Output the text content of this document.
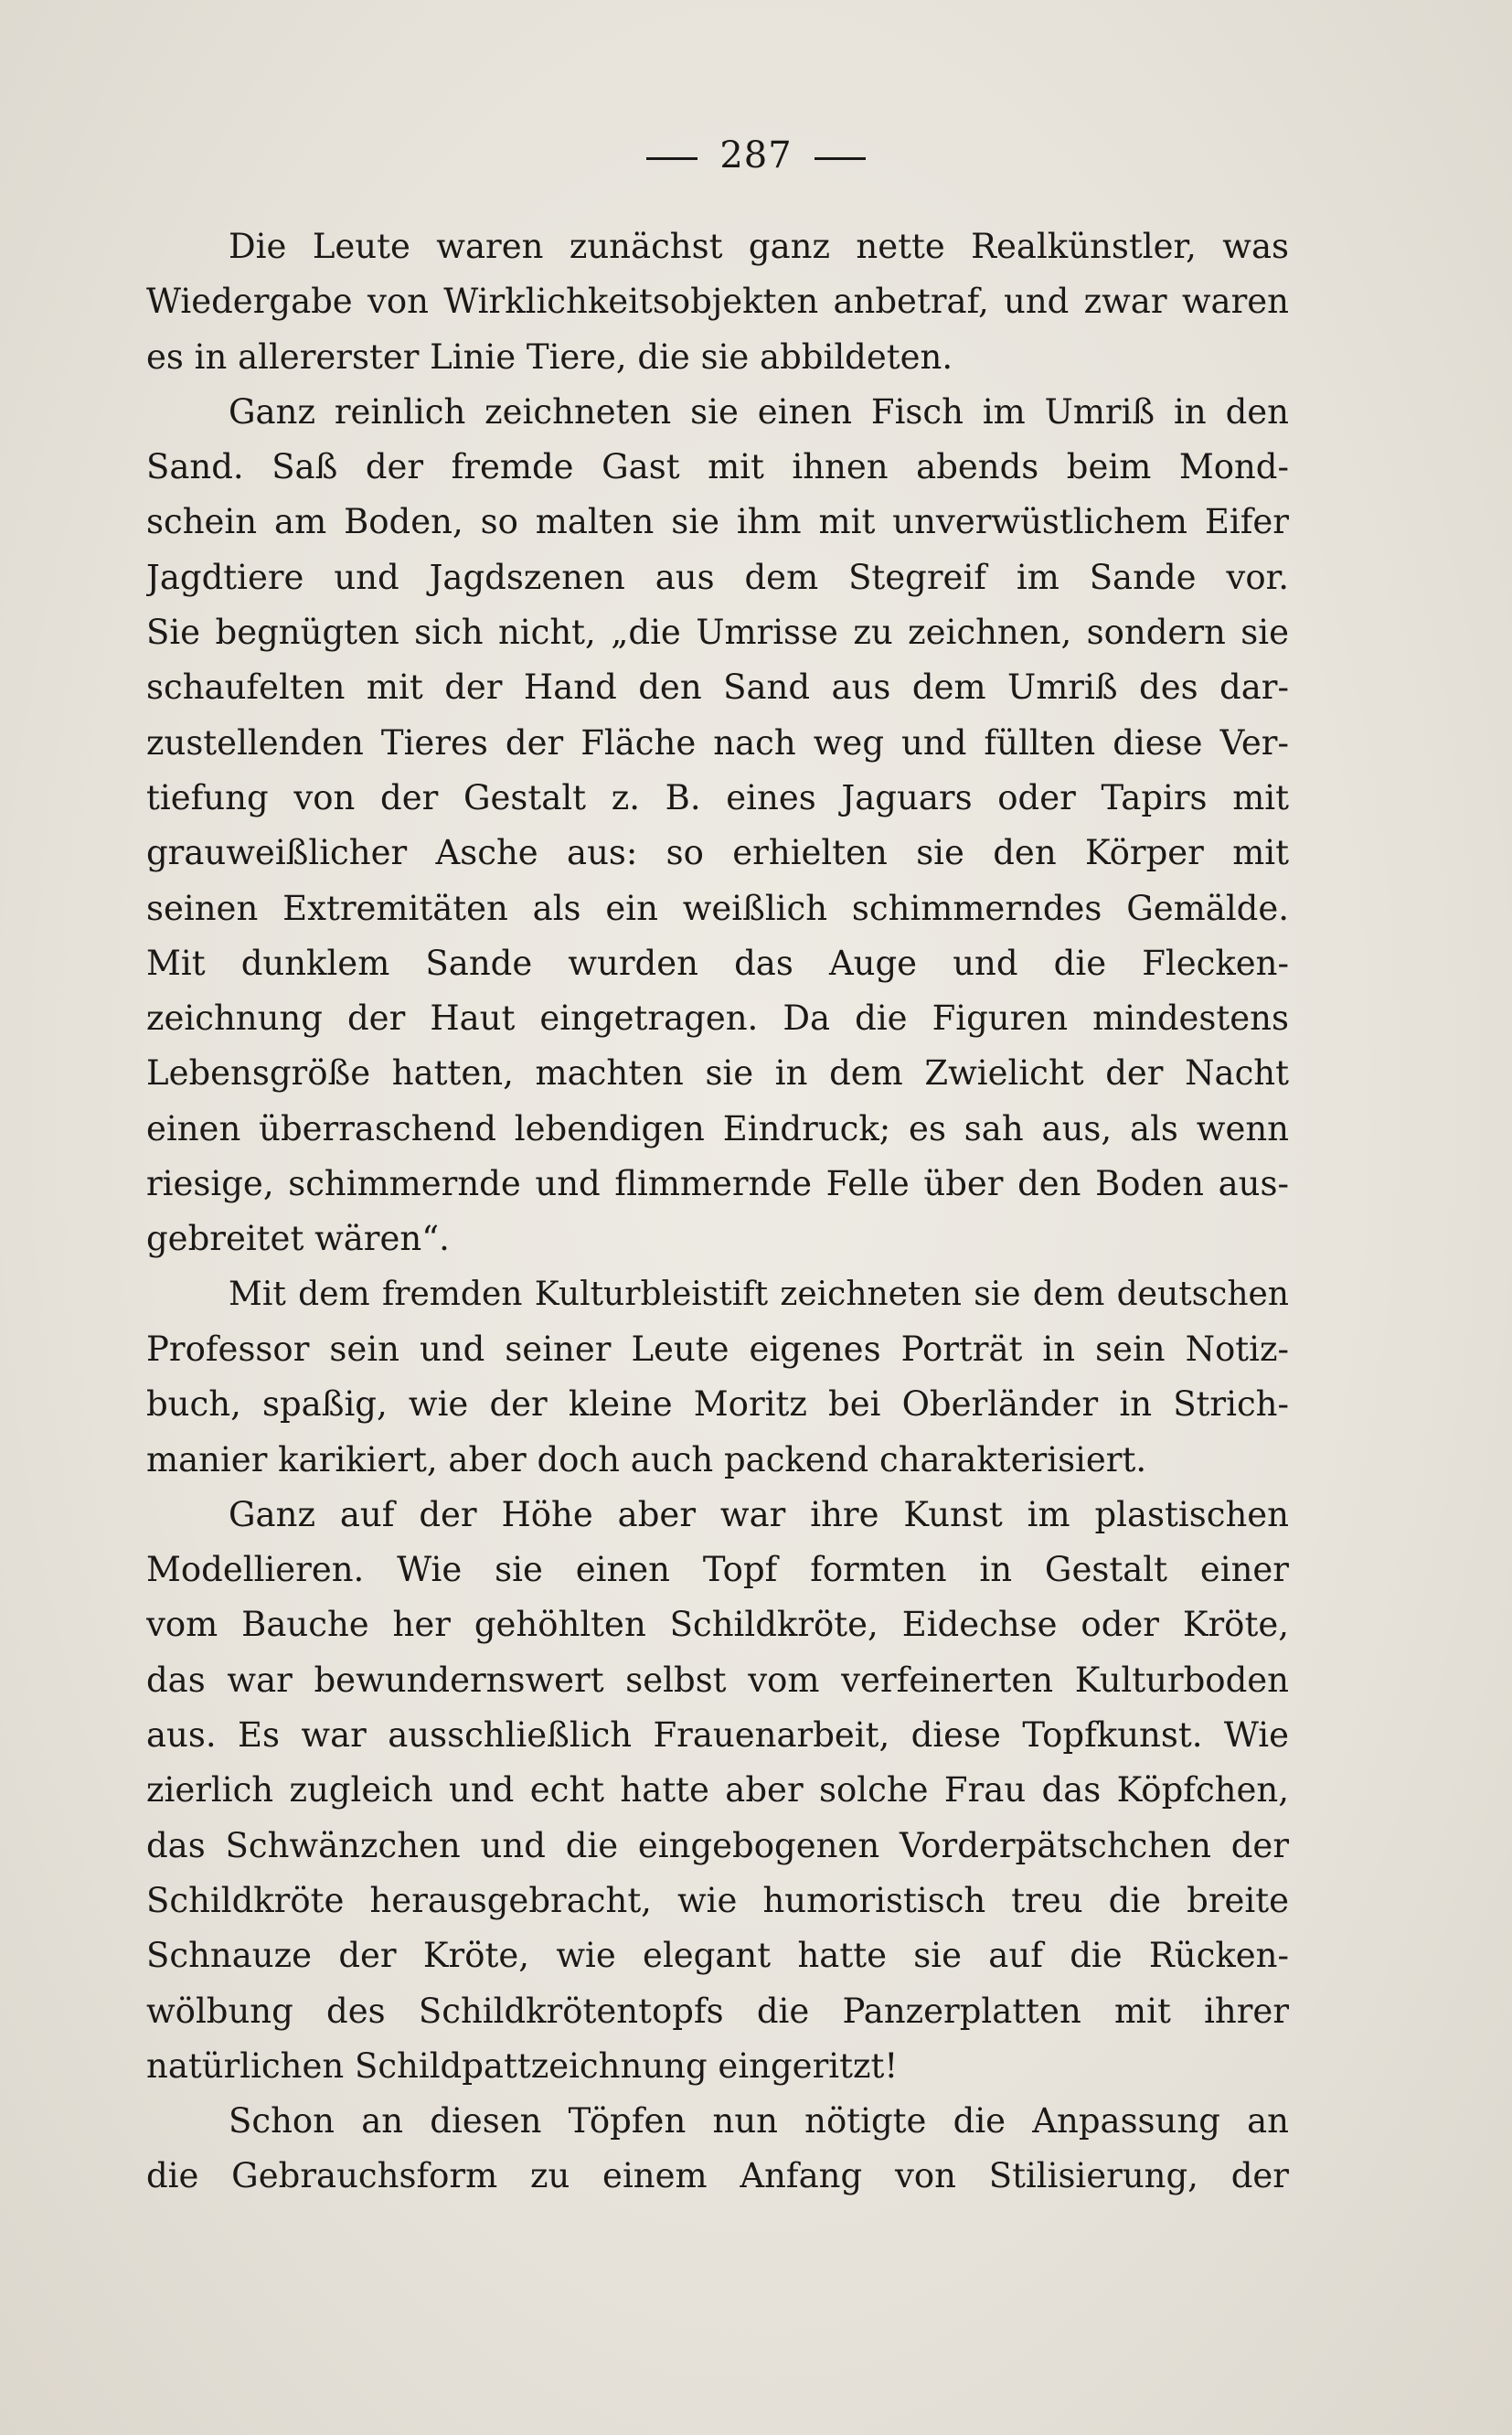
287
Die Leute waren zunächst ganz nette Realkünstler, was
Wiedergabe von Wirklichkeitsobjekten anbetraf, und zwar waren
es in allererster Linie Tiere, die sie abbildeten.
Ganz reinlich zeichneten sie einen Fisch im Umriß in den
Sand. Saß der fremde Gast mit ihnen abends beim Mond-
schein am Boden, so malten sie ihm mit unverwüstlichem Eifer
Jagdtiere und Jagdszenen aus dem Stegreif im Sande vor.
Sie begnügten sich nicht, „die Umrisse zu zeichnen, sondern sie
schaufelten mit der Hand den Sand aus dem Umriß des dar-
zustellenden Tieres der Fläche nach weg und füllten diese Ver-
tiefung von der Gestalt z. B. eines Jaguars oder Tapirs mit
grauweißlicher Asche aus: so erhielten sie den Körper mit
seinen Extremitäten als ein weißlich schimmerndes Gemälde.
Mit dunklem Sande wurden das Auge und die Flecken-
zeichnung der Haut eingetragen. Da die Figuren mindestens
Lebensgröße hatten, machten sie in dem Zwielicht der Nacht
einen überraschend lebendigen Eindruck; es sah aus, als wenn
riesige, schimmernde und flimmernde Felle über den Boden aus-
gebreitet wären“.
Mit dem fremden Kulturbleistift zeichneten sie dem deutschen
Professor sein und seiner Leute eigenes Porträt in sein Notiz-
buch, spaßig, wie der kleine Moritz bei Oberländer in Strich-
manier karikiert, aber doch auch packend charakterisiert.
Ganz auf der Höhe aber war ihre Kunst im plastischen
Modellieren. Wie sie einen Topf formten in Gestalt einer
vom Bauche her gehöhlten Schildkröte, Eidechse oder Kröte,
das war bewundernswert selbst vom verfeinerten Kulturboden
aus. Es war ausschließlich Frauenarbeit, diese Topfkunst. Wie
zierlich zugleich und echt hatte aber solche Frau das Köpfchen,
das Schwänzchen und die eingebogenen Vorderpätschchen der
Schildkröte herausgebracht, wie humoristisch treu die breite
Schnauze der Kröte, wie elegant hatte sie auf die Rücken-
wölbung des Schildkrötentopfs die Panzerplatten mit ihrer
natürlichen Schildpattzeichnung eingeritzt!
Schon an diesen Töpfen nun nötigte die Anpassung an
die Gebrauchsform zu einem Anfang von Stilisierung, der
